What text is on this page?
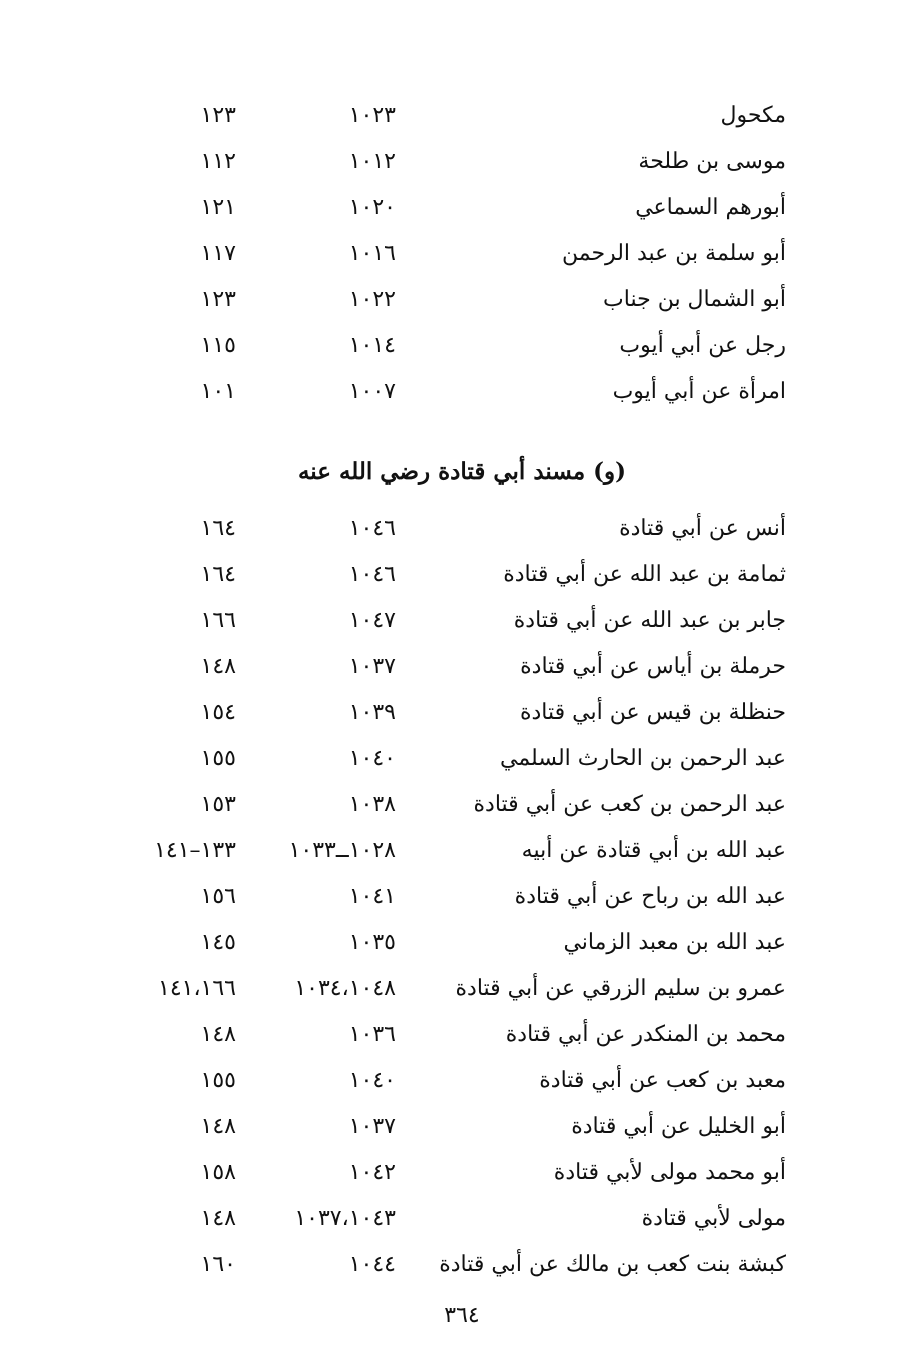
مكحول
١٠٢٣
١٢٣
موسى بن طلحة
١٠١٢
١١٢
أبورهم السماعي
١٠٢٠
١٢١
أبو سلمة بن عبد الرحمن
١٠١٦
١١٧
أبو الشمال بن جناب
١٠٢٢
١٢٣
رجل عن أبي أيوب
١٠١٤
١١٥
امرأة عن أبي أيوب
١٠٠٧
١٠١
(و) مسند أبي قتادة رضي الله عنه
أنس عن أبي قتادة
١٠٤٦
١٦٤
ثمامة بن عبد الله عن أبي قتادة
١٠٤٦
١٦٤
جابر بن عبد الله عن أبي قتادة
١٠٤٧
١٦٦
حرملة بن أياس عن أبي قتادة
١٠٣٧
١٤٨
حنظلة بن قيس عن أبي قتادة
١٠٣٩
١٥٤
عبد الرحمن بن الحارث السلمي
١٠٤٠
١٥٥
عبد الرحمن بن كعب عن أبي قتادة
١٠٣٨
١٥٣
عبد الله بن أبي قتادة عن أبيه
١٠٢٨ــ١٠٣٣
١٣٣–١٤١
عبد الله بن رباح عن أبي قتادة
١٠٤١
١٥٦
عبد الله بن معبد الزماني
١٠٣٥
١٤٥
عمرو بن سليم الزرقي عن أبي قتادة
١٠٣٤،١٠٤٨
١٤١،١٦٦
محمد بن المنكدر عن أبي قتادة
١٠٣٦
١٤٨
معبد بن كعب عن أبي قتادة
١٠٤٠
١٥٥
أبو الخليل عن أبي قتادة
١٠٣٧
١٤٨
أبو محمد مولى لأبي قتادة
١٠٤٢
١٥٨
مولى لأبي قتادة
١٠٣٧،١٠٤٣
١٤٨
كبشة بنت كعب بن مالك عن أبي قتادة
١٠٤٤
١٦٠
٣٦٤
